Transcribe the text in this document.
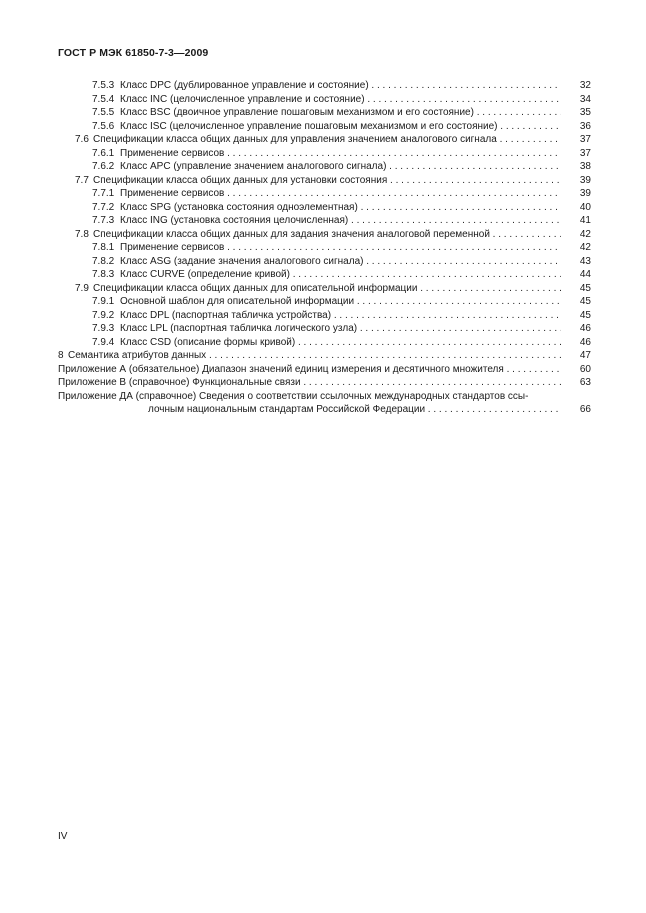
ГОСТ Р МЭК 61850-7-3—2009
7.5.3 Класс DPC (дублированное управление и состояние) . . .	32
7.5.4 Класс INC (целочисленное управление и состояние) . . .	34
7.5.5 Класс BSC (двоичное управление пошаговым механизмом и его состояние) . . .	35
7.5.6 Класс ISC (целочисленное управление пошаговым механизмом и его состояние) . . .	36
7.6 Спецификации класса общих данных для управления значением аналогового сигнала . . .	37
7.6.1 Применение сервисов . . .	37
7.6.2 Класс APC (управление значением аналогового сигнала) . . .	38
7.7 Спецификации класса общих данных для установки состояния . . .	39
7.7.1 Применение сервисов . . .	39
7.7.2 Класс SPG (установка состояния одноэлементная) . . .	40
7.7.3 Класс ING (установка состояния целочисленная) . . .	41
7.8 Спецификации класса общих данных для задания значения аналоговой переменной . . .	42
7.8.1 Применение сервисов . . .	42
7.8.2 Класс ASG (задание значения аналогового сигнала) . . .	43
7.8.3 Класс CURVE (определение кривой) . . .	44
7.9 Спецификации класса общих данных для описательной информации . . .	45
7.9.1 Основной шаблон для описательной информации . . .	45
7.9.2 Класс DPL (паспортная табличка устройства) . . .	45
7.9.3 Класс LPL (паспортная табличка логического узла) . . .	46
7.9.4 Класс CSD (описание формы кривой) . . .	46
8 Семантика атрибутов данных . . .	47
Приложение А (обязательное) Диапазон значений единиц измерения и десятичного множителя . . .	60
Приложение В (справочное) Функциональные связи . . .	63
Приложение ДА (справочное) Сведения о соответствии ссылочных международных стандартов ссы-
лочным национальным стандартам Российской Федерации . . .	66
IV
